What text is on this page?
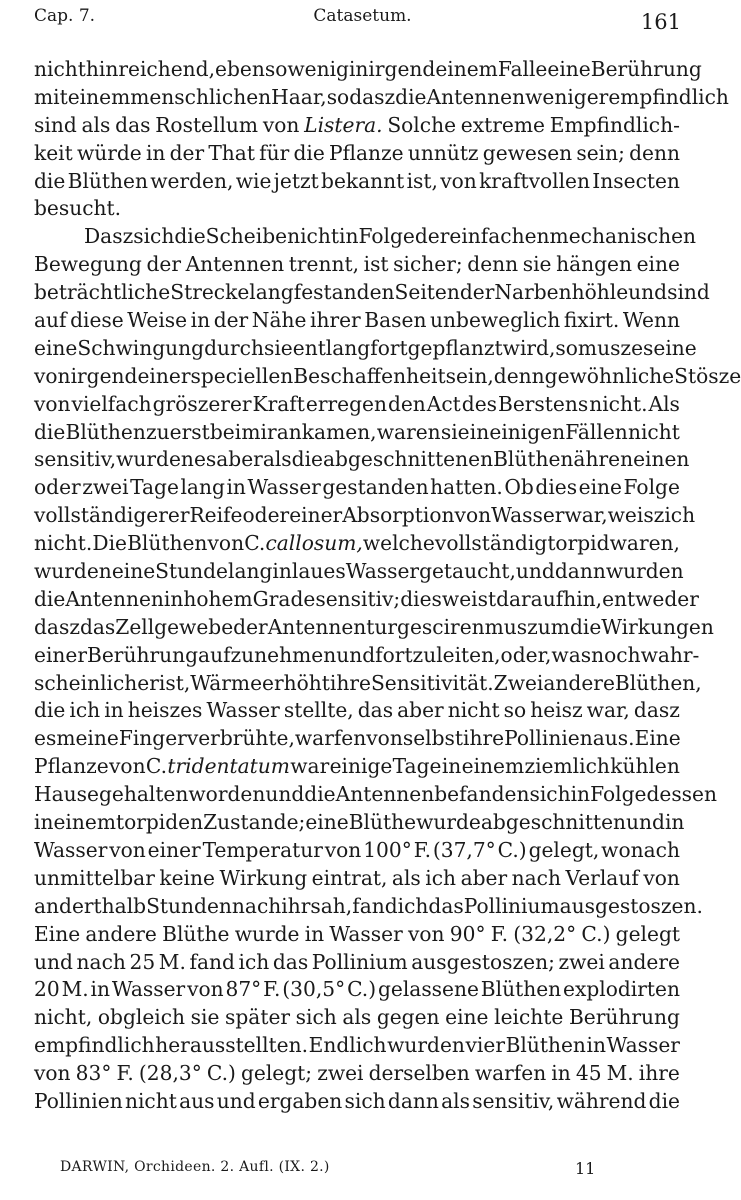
Cap. 7.	Catasetum.	161
nicht hinreichend, eben so wenig in irgend einem Falle eine Berührung
mit einem menschlichen Haar, so dasz die Antennen weniger empfindlich
sind als das Rostellum von Listera. Solche extreme Empfindlich-
keit würde in der That für die Pflanze unnütz gewesen sein; denn
die Blüthen werden, wie jetzt bekannt ist, von kraftvollen Insecten
besucht.
Dasz sich die Scheibe nicht in Folge der einfachen mechanischen
Bewegung der Antennen trennt, ist sicher; denn sie hängen eine
beträchtliche Strecke lang fest an den Seiten der Narbenhöhle und sind
auf diese Weise in der Nähe ihrer Basen unbeweglich fixirt. Wenn
eine Schwingung durch sie entlang fortgepflanzt wird, so musz es eine
von irgend einer speciellen Beschaffenheit sein, denn gewöhnliche Stösze
von vielfach gröszerer Kraft erregen den Act des Berstens nicht. Als
die Blüthen zuerst bei mir ankamen, waren sie in einigen Fällen nicht
sensitiv, wurden es aber als die abgeschnittenen Blüthenähren einen
oder zwei Tage lang in Wasser gestanden hatten. Ob dies eine Folge
vollständigerer Reife oder einer Absorption von Wasser war, weisz ich
nicht. Die Blüthen von C. callosum, welche vollständig torpid waren,
wurden eine Stunde lang in laues Wasser getaucht, und dann wurden
die Antennen in hohem Grade sensitiv; dies weist darauf hin, entweder
dasz das Zellgewebe der Antennen turgesciren musz um die Wirkungen
einer Berührung aufzunehmen und fortzuleiten, oder, was noch wahr-
scheinlicher ist, Wärme erhöht ihre Sensitivität. Zwei andere Blüthen,
die ich in heiszes Wasser stellte, das aber nicht so heisz war, dasz
es meine Finger verbrühte, warfen von selbst ihre Pollinien aus. Eine
Pflanze von C. tridentatum war einige Tage in einem ziemlich kühlen
Hause gehalten worden und die Antennen befanden sich in Folge dessen
in einem torpiden Zustande; eine Blüthe wurde abgeschnitten und in
Wasser von einer Temperatur von 100° F. (37,7° C.) gelegt, wonach
unmittelbar keine Wirkung eintrat, als ich aber nach Verlauf von
anderthalb Stunden nach ihr sah, fand ich das Pollinium ausgestoszen.
Eine andere Blüthe wurde in Wasser von 90° F. (32,2° C.) gelegt
und nach 25 M. fand ich das Pollinium ausgestoszen; zwei andere
20 M. in Wasser von 87° F. (30,5° C.) gelassene Blüthen explodirten
nicht, obgleich sie später sich als gegen eine leichte Berührung
empfindlich herausstellten. Endlich wurden vier Blüthen in Wasser
von 83° F. (28,3° C.) gelegt; zwei derselben warfen in 45 M. ihre
Pollinien nicht aus und ergaben sich dann als sensitiv, während die
DARWIN, Orchideen. 2. Aufl. (IX. 2.)	11
